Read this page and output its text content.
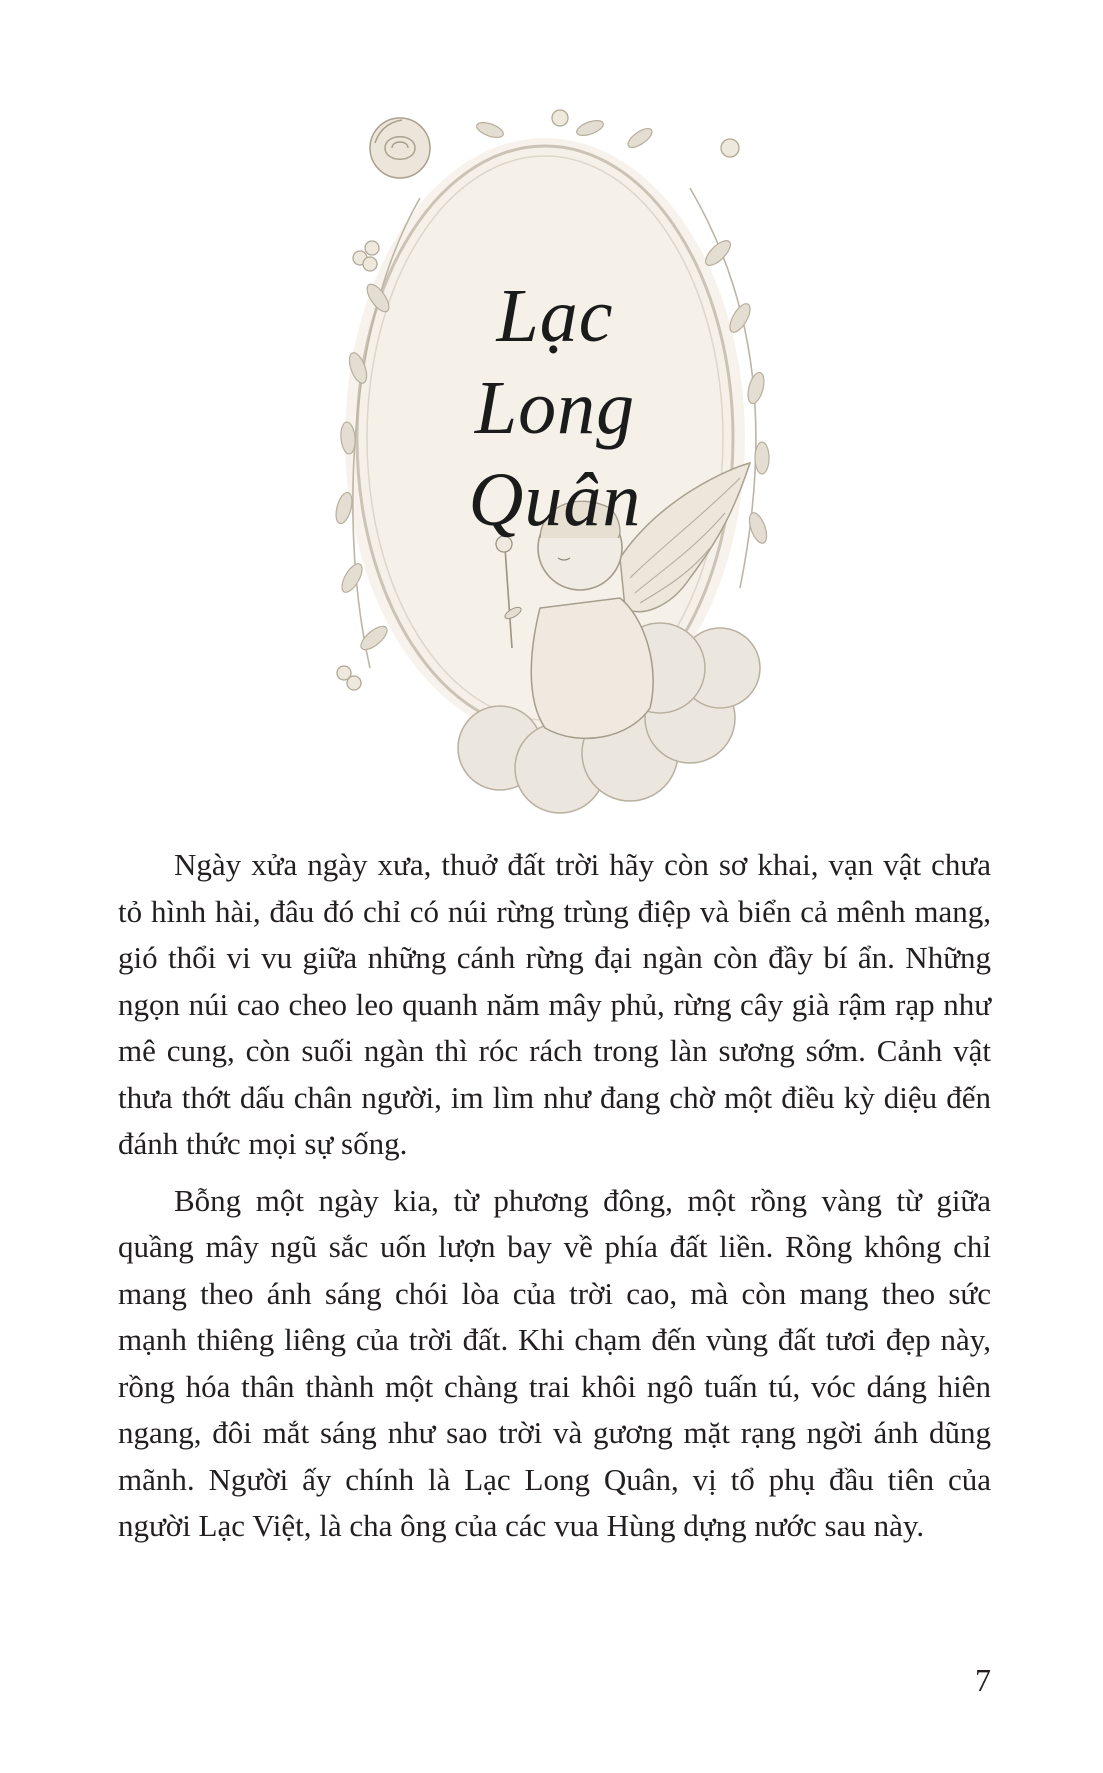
Lạc
Long
Quân

Ngày xửa ngày xưa, thuở đất trời hãy còn sơ khai, vạn vật chưa tỏ hình hài, đâu đó chỉ có núi rừng trùng điệp và biển cả mênh mang, gió thổi vi vu giữa những cánh rừng đại ngàn còn đầy bí ẩn. Những ngọn núi cao cheo leo quanh năm mây phủ, rừng cây già rậm rạp như mê cung, còn suối ngàn thì róc rách trong làn sương sớm. Cảnh vật thưa thớt dấu chân người, im lìm như đang chờ một điều kỳ diệu đến đánh thức mọi sự sống.

Bỗng một ngày kia, từ phương đông, một rồng vàng từ giữa quầng mây ngũ sắc uốn lượn bay về phía đất liền. Rồng không chỉ mang theo ánh sáng chói lòa của trời cao, mà còn mang theo sức mạnh thiêng liêng của trời đất. Khi chạm đến vùng đất tươi đẹp này, rồng hóa thân thành một chàng trai khôi ngô tuấn tú, vóc dáng hiên ngang, đôi mắt sáng như sao trời và gương mặt rạng ngời ánh dũng mãnh. Người ấy chính là Lạc Long Quân, vị tổ phụ đầu tiên của người Lạc Việt, là cha ông của các vua Hùng dựng nước sau này.

7
